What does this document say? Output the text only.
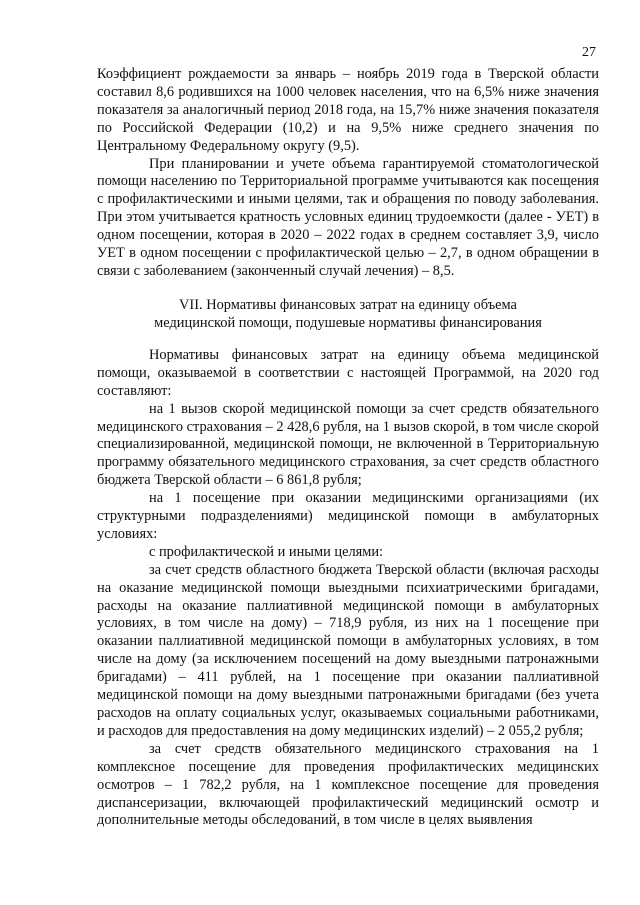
27

Коэффициент рождаемости за январь – ноябрь 2019 года в Тверской области составил 8,6 родившихся на 1000 человек населения, что на 6,5% ниже значения показателя за аналогичный период 2018 года, на 15,7% ниже значения показателя по Российской Федерации (10,2) и на 9,5% ниже среднего значения по Центральному Федеральному округу (9,5).

При планировании и учете объема гарантируемой стоматологической помощи населению по Территориальной программе учитываются как посещения с профилактическими и иными целями, так и обращения по поводу заболевания. При этом учитывается кратность условных единиц трудоемкости (далее - УЕТ) в одном посещении, которая в 2020 – 2022 годах в среднем составляет 3,9, число УЕТ в одном посещении с профилактической целью – 2,7, в одном обращении в связи с заболеванием (законченный случай лечения) – 8,5.

VII. Нормативы финансовых затрат на единицу объема
медицинской помощи, подушевые нормативы финансирования

Нормативы финансовых затрат на единицу объема медицинской помощи, оказываемой в соответствии с настоящей Программой, на 2020 год составляют:

на 1 вызов скорой медицинской помощи за счет средств обязательного медицинского страхования – 2 428,6 рубля, на 1 вызов скорой, в том числе скорой специализированной, медицинской помощи, не включенной в Территориальную программу обязательного медицинского страхования, за счет средств областного бюджета Тверской области – 6 861,8 рубля;

на 1 посещение при оказании медицинскими организациями (их структурными подразделениями) медицинской помощи в амбулаторных условиях:

с профилактической и иными целями:

за счет средств областного бюджета Тверской области (включая расходы на оказание медицинской помощи выездными психиатрическими бригадами, расходы на оказание паллиативной медицинской помощи в амбулаторных условиях, в том числе на дому) – 718,9 рубля, из них на 1 посещение при оказании паллиативной медицинской помощи в амбулаторных условиях, в том числе на дому (за исключением посещений на дому выездными патронажными бригадами) – 411 рублей, на 1 посещение при оказании паллиативной медицинской помощи на дому выездными патронажными бригадами (без учета расходов на оплату социальных услуг, оказываемых социальными работниками, и расходов для предоставления на дому медицинских изделий) – 2 055,2 рубля;

за счет средств обязательного медицинского страхования на 1 комплексное посещение для проведения профилактических медицинских осмотров – 1 782,2 рубля, на 1 комплексное посещение для проведения диспансеризации, включающей профилактический медицинский осмотр и дополнительные методы обследований, в том числе в целях выявления
